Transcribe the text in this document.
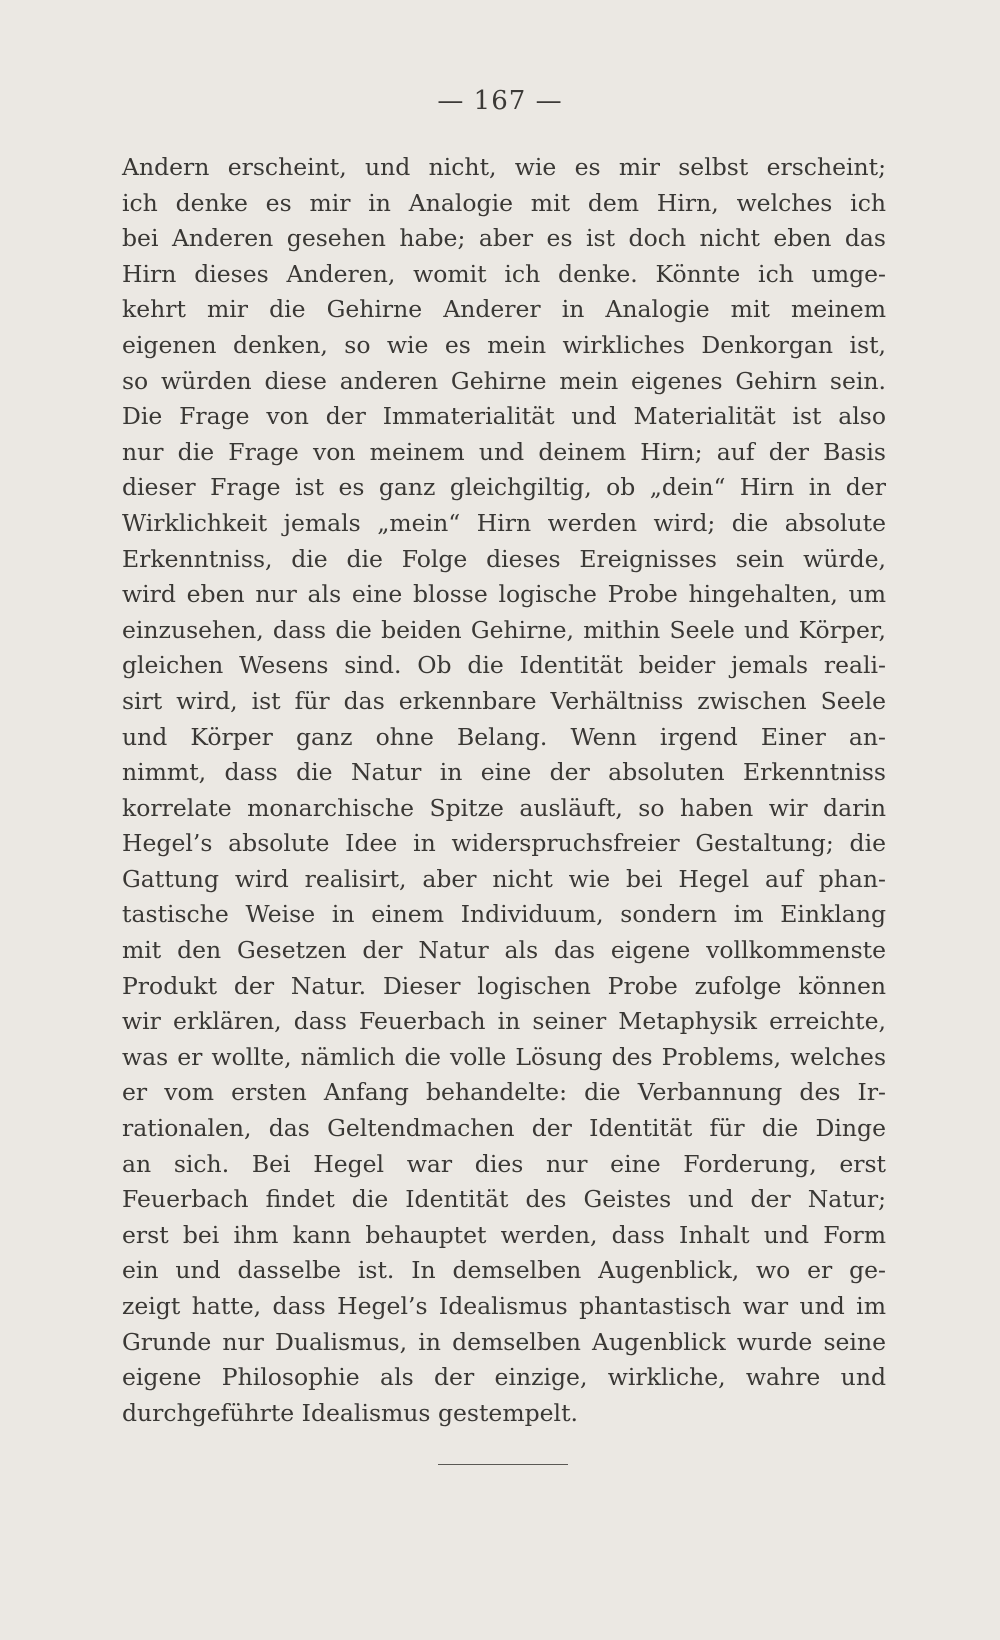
— 167 —
Andern erscheint, und nicht, wie es mir selbst erscheint;
ich denke es mir in Analogie mit dem Hirn, welches ich
bei Anderen gesehen habe; aber es ist doch nicht eben das
Hirn dieses Anderen, womit ich denke. Könnte ich umge-
kehrt mir die Gehirne Anderer in Analogie mit meinem
eigenen denken, so wie es mein wirkliches Denkorgan ist,
so würden diese anderen Gehirne mein eigenes Gehirn sein.
Die Frage von der Immaterialität und Materialität ist also
nur die Frage von meinem und deinem Hirn; auf der Basis
dieser Frage ist es ganz gleichgiltig, ob „dein“ Hirn in der
Wirklichkeit jemals „mein“ Hirn werden wird; die absolute
Erkenntniss, die die Folge dieses Ereignisses sein würde,
wird eben nur als eine blosse logische Probe hingehalten, um
einzusehen, dass die beiden Gehirne, mithin Seele und Körper,
gleichen Wesens sind. Ob die Identität beider jemals reali-
sirt wird, ist für das erkennbare Verhältniss zwischen Seele
und Körper ganz ohne Belang. Wenn irgend Einer an-
nimmt, dass die Natur in eine der absoluten Erkenntniss
korrelate monarchische Spitze ausläuft, so haben wir darin
Hegel’s absolute Idee in widerspruchsfreier Gestaltung; die
Gattung wird realisirt, aber nicht wie bei Hegel auf phan-
tastische Weise in einem Individuum, sondern im Einklang
mit den Gesetzen der Natur als das eigene vollkommenste
Produkt der Natur. Dieser logischen Probe zufolge können
wir erklären, dass Feuerbach in seiner Metaphysik erreichte,
was er wollte, nämlich die volle Lösung des Problems, welches
er vom ersten Anfang behandelte: die Verbannung des Ir-
rationalen, das Geltendmachen der Identität für die Dinge
an sich. Bei Hegel war dies nur eine Forderung, erst
Feuerbach findet die Identität des Geistes und der Natur;
erst bei ihm kann behauptet werden, dass Inhalt und Form
ein und dasselbe ist. In demselben Augenblick, wo er ge-
zeigt hatte, dass Hegel’s Idealismus phantastisch war und im
Grunde nur Dualismus, in demselben Augenblick wurde seine
eigene Philosophie als der einzige, wirkliche, wahre und
durchgeführte Idealismus gestempelt.
